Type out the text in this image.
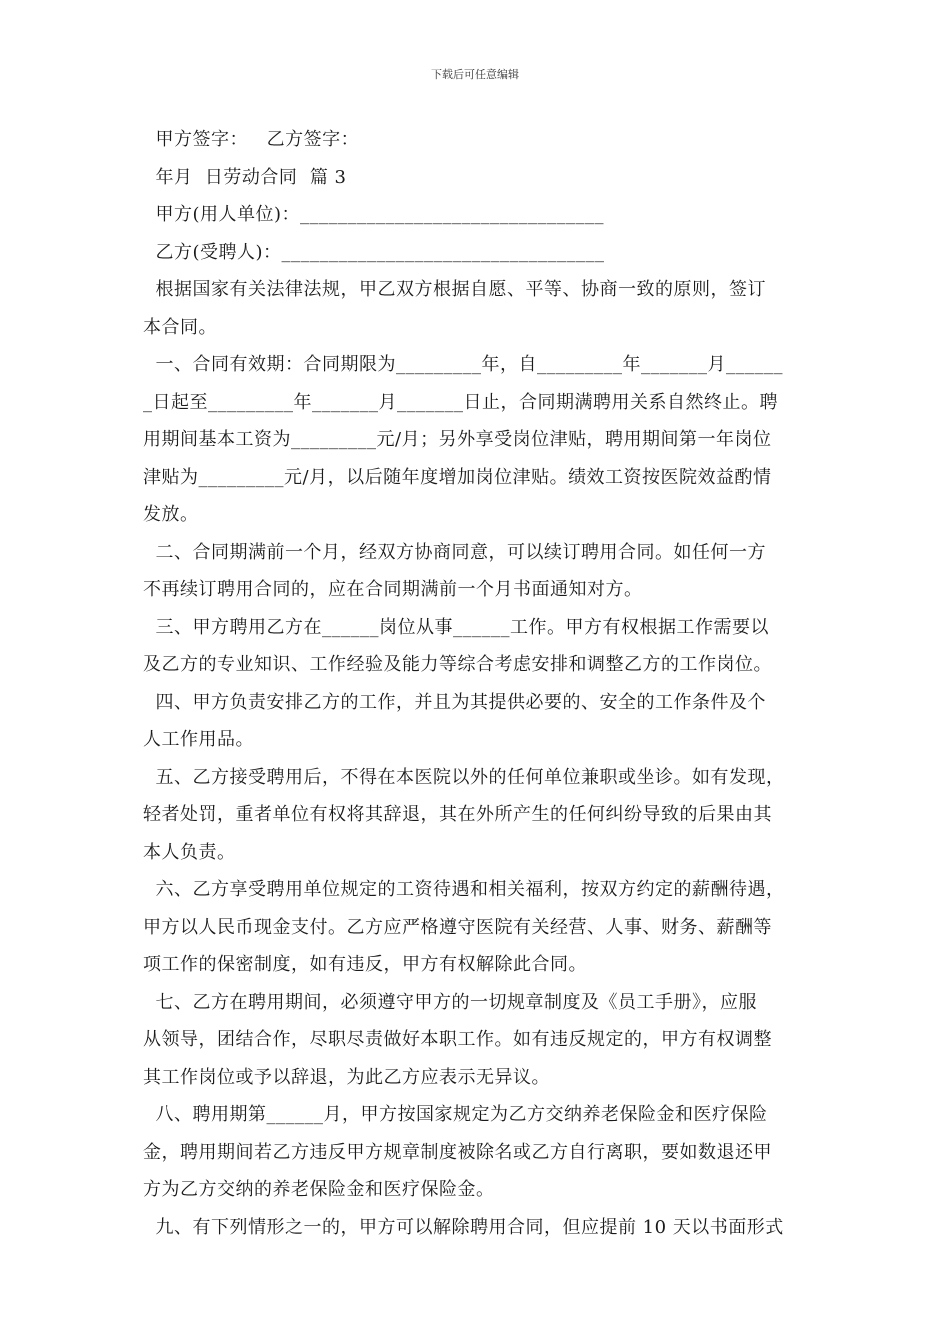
下载后可任意编辑
甲方签字：   乙方签字：
年月  日劳动合同  篇 3
甲方(用人单位)：________________________________
乙方(受聘人)：__________________________________
根据国家有关法律法规，甲乙双方根据自愿、平等、协商一致的原则，签订
本合同。
一、合同有效期：合同期限为_________年，自_________年_______月______
_日起至_________年_______月_______日止，合同期满聘用关系自然终止。聘
用期间基本工资为_________元/月；另外享受岗位津贴，聘用期间第一年岗位
津贴为_________元/月，以后随年度增加岗位津贴。绩效工资按医院效益酌情
发放。
二、合同期满前一个月，经双方协商同意，可以续订聘用合同。如任何一方
不再续订聘用合同的，应在合同期满前一个月书面通知对方。
三、甲方聘用乙方在______岗位从事______工作。甲方有权根据工作需要以
及乙方的专业知识、工作经验及能力等综合考虑安排和调整乙方的工作岗位。
四、甲方负责安排乙方的工作，并且为其提供必要的、安全的工作条件及个
人工作用品。
五、乙方接受聘用后，不得在本医院以外的任何单位兼职或坐诊。如有发现，
轻者处罚，重者单位有权将其辞退，其在外所产生的任何纠纷导致的后果由其
本人负责。
六、乙方享受聘用单位规定的工资待遇和相关福利，按双方约定的薪酬待遇，
甲方以人民币现金支付。乙方应严格遵守医院有关经营、人事、财务、薪酬等
项工作的保密制度，如有违反，甲方有权解除此合同。
七、乙方在聘用期间，必须遵守甲方的一切规章制度及《员工手册》，应服
从领导，团结合作，尽职尽责做好本职工作。如有违反规定的，甲方有权调整
其工作岗位或予以辞退，为此乙方应表示无异议。
八、聘用期第______月，甲方按国家规定为乙方交纳养老保险金和医疗保险
金，聘用期间若乙方违反甲方规章制度被除名或乙方自行离职，要如数退还甲
方为乙方交纳的养老保险金和医疗保险金。
九、有下列情形之一的，甲方可以解除聘用合同，但应提前 10 天以书面形式
